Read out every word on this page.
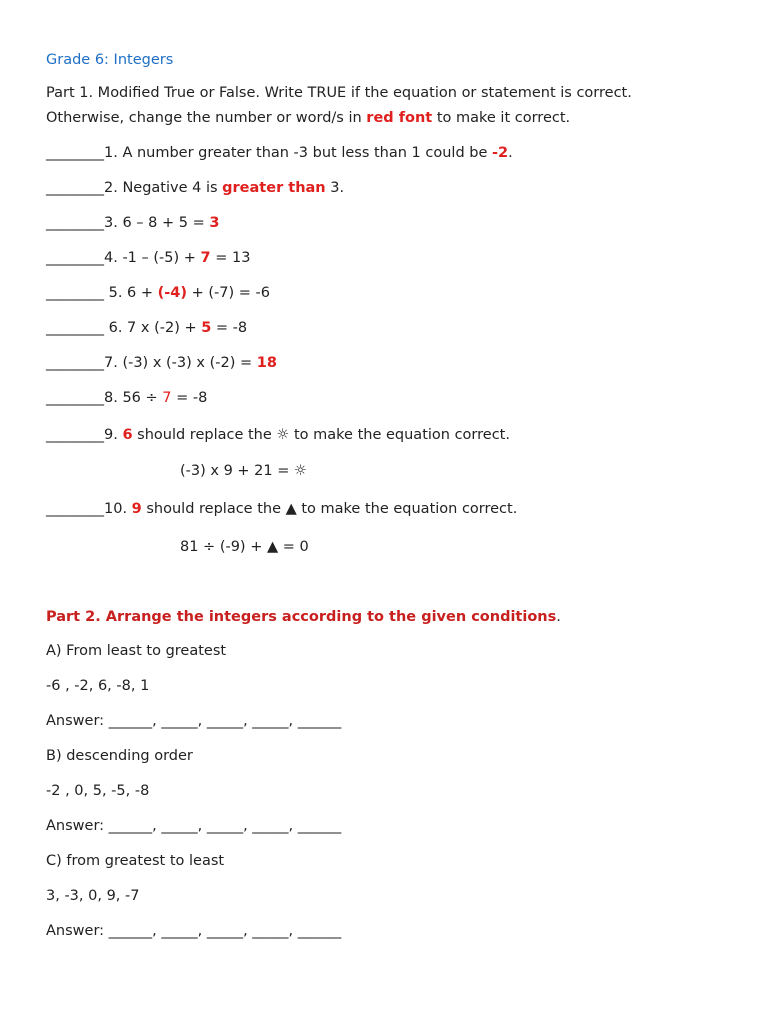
Grade 6: Integers
Part 1. Modified True or False. Write TRUE if the equation or statement is correct.
Otherwise, change the number or word/s in red font to make it correct.
________1. A number greater than -3 but less than 1 could be -2.
________2. Negative 4 is greater than 3.
________3. 6 – 8 + 5 = 3
________4. -1 – (-5) + 7 = 13
________ 5. 6 + (-4) + (-7) = -6
________ 6. 7 x (-2) + 5 = -8
________7. (-3) x (-3) x (-2) = 18
________8. 56 ÷ 7 = -8
________9. 6 should replace the ☼ to make the equation correct.
(-3) x 9 + 21 = ☼
________10. 9 should replace the ▲ to make the equation correct.
81 ÷ (-9) + ▲ = 0
Part 2. Arrange the integers according to the given conditions.
A) From least to greatest
-6 , -2, 6, -8, 1
Answer: ______, _____, _____, _____, ______
B) descending order
-2 , 0, 5, -5, -8
Answer: ______, _____, _____, _____, ______
C) from greatest to least
3, -3, 0, 9, -7
Answer: ______, _____, _____, _____, ______
